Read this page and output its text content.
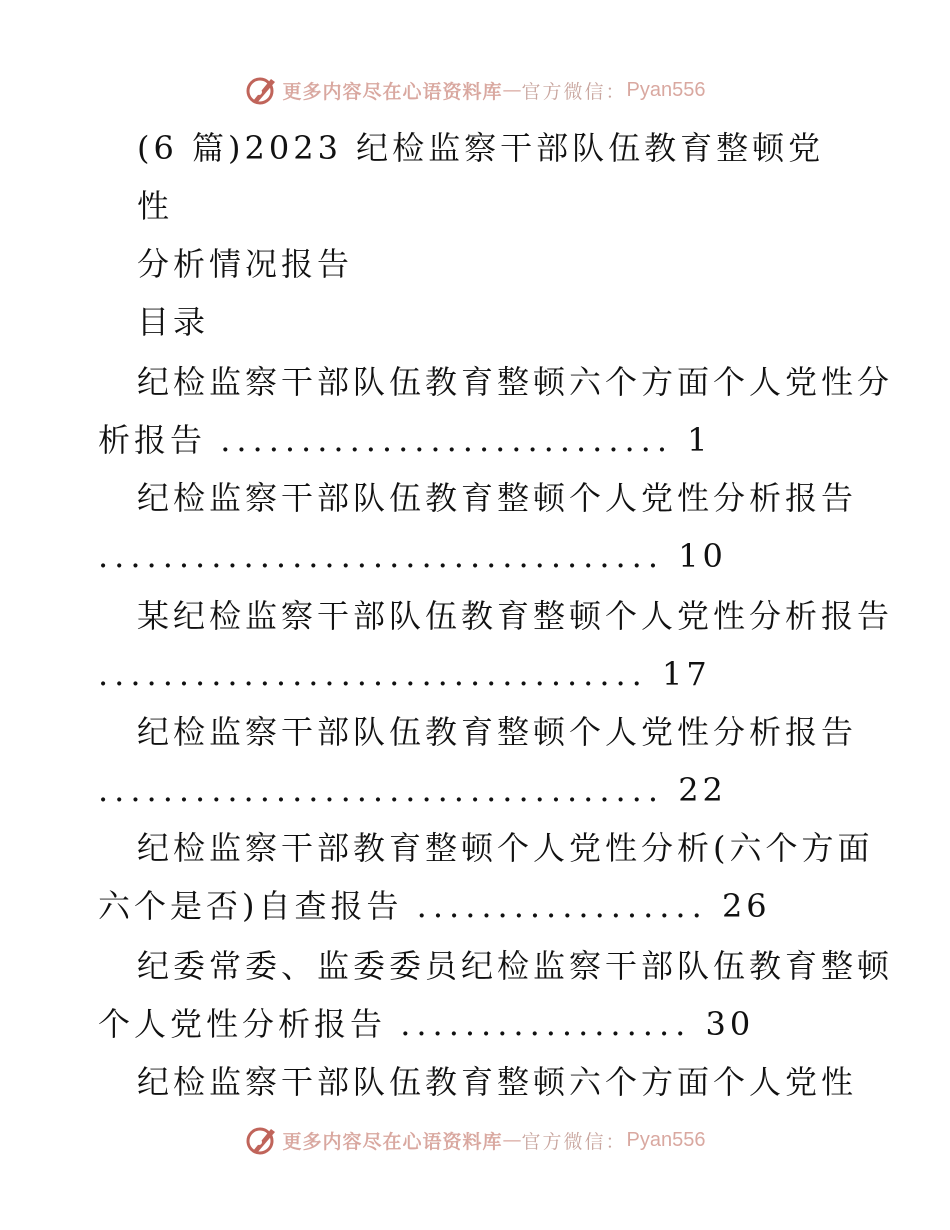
更多内容尽在心语资料库 — 官方微信： Pyan556
(6 篇)2023 纪检监察干部队伍教育整顿党
性
分析情况报告
目录
纪检监察干部队伍教育整顿六个方面个人党性分
析报告 ............................ 1
纪检监察干部队伍教育整顿个人党性分析报告
................................... 10
某纪检监察干部队伍教育整顿个人党性分析报告
.................................. 17
纪检监察干部队伍教育整顿个人党性分析报告
................................... 22
纪检监察干部教育整顿个人党性分析(六个方面
六个是否)自查报告 .................. 26
纪委常委、监委委员纪检监察干部队伍教育整顿
个人党性分析报告 .................. 30
纪检监察干部队伍教育整顿六个方面个人党性
更多内容尽在心语资料库 — 官方微信： Pyan556
